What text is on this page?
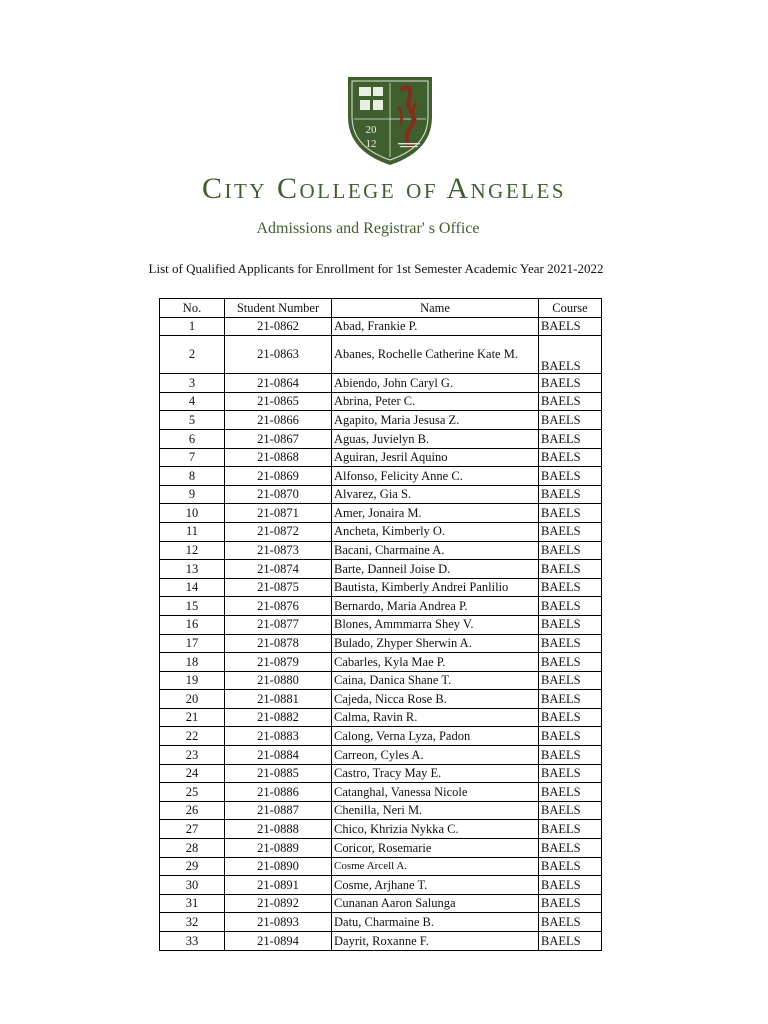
20
12
City College of Angeles
Admissions and Registrar' s Office
List of Qualified Applicants for Enrollment for 1st Semester Academic Year 2021-2022
No.	Student Number	Name	Course
1	21-0862	Abad, Frankie P.	BAELS
2	21-0863	Abanes, Rochelle Catherine Kate M.	BAELS
3	21-0864	Abiendo, John Caryl G.	BAELS
4	21-0865	Abrina, Peter C.	BAELS
5	21-0866	Agapito, Maria Jesusa Z.	BAELS
6	21-0867	Aguas, Juvielyn B.	BAELS
7	21-0868	Aguiran, Jesril Aquino	BAELS
8	21-0869	Alfonso, Felicity Anne C.	BAELS
9	21-0870	Alvarez, Gia S.	BAELS
10	21-0871	Amer, Jonaira M.	BAELS
11	21-0872	Ancheta, Kimberly O.	BAELS
12	21-0873	Bacani, Charmaine A.	BAELS
13	21-0874	Barte, Danneil Joise D.	BAELS
14	21-0875	Bautista, Kimberly Andrei Panlilio	BAELS
15	21-0876	Bernardo, Maria Andrea P.	BAELS
16	21-0877	Blones, Ammmarra Shey V.	BAELS
17	21-0878	Bulado, Zhyper Sherwin A.	BAELS
18	21-0879	Cabarles, Kyla Mae P.	BAELS
19	21-0880	Caina, Danica Shane T.	BAELS
20	21-0881	Cajeda, Nicca Rose B.	BAELS
21	21-0882	Calma, Ravin R.	BAELS
22	21-0883	Calong, Verna Lyza, Padon	BAELS
23	21-0884	Carreon, Cyles A.	BAELS
24	21-0885	Castro, Tracy May E.	BAELS
25	21-0886	Catanghal, Vanessa Nicole	BAELS
26	21-0887	Chenilla, Neri M.	BAELS
27	21-0888	Chico, Khrizia Nykka C.	BAELS
28	21-0889	Coricor, Rosemarie	BAELS
29	21-0890	Cosme Arcell A.	BAELS
30	21-0891	Cosme, Arjhane T.	BAELS
31	21-0892	Cunanan Aaron Salunga	BAELS
32	21-0893	Datu, Charmaine B.	BAELS
33	21-0894	Dayrit, Roxanne F.	BAELS
